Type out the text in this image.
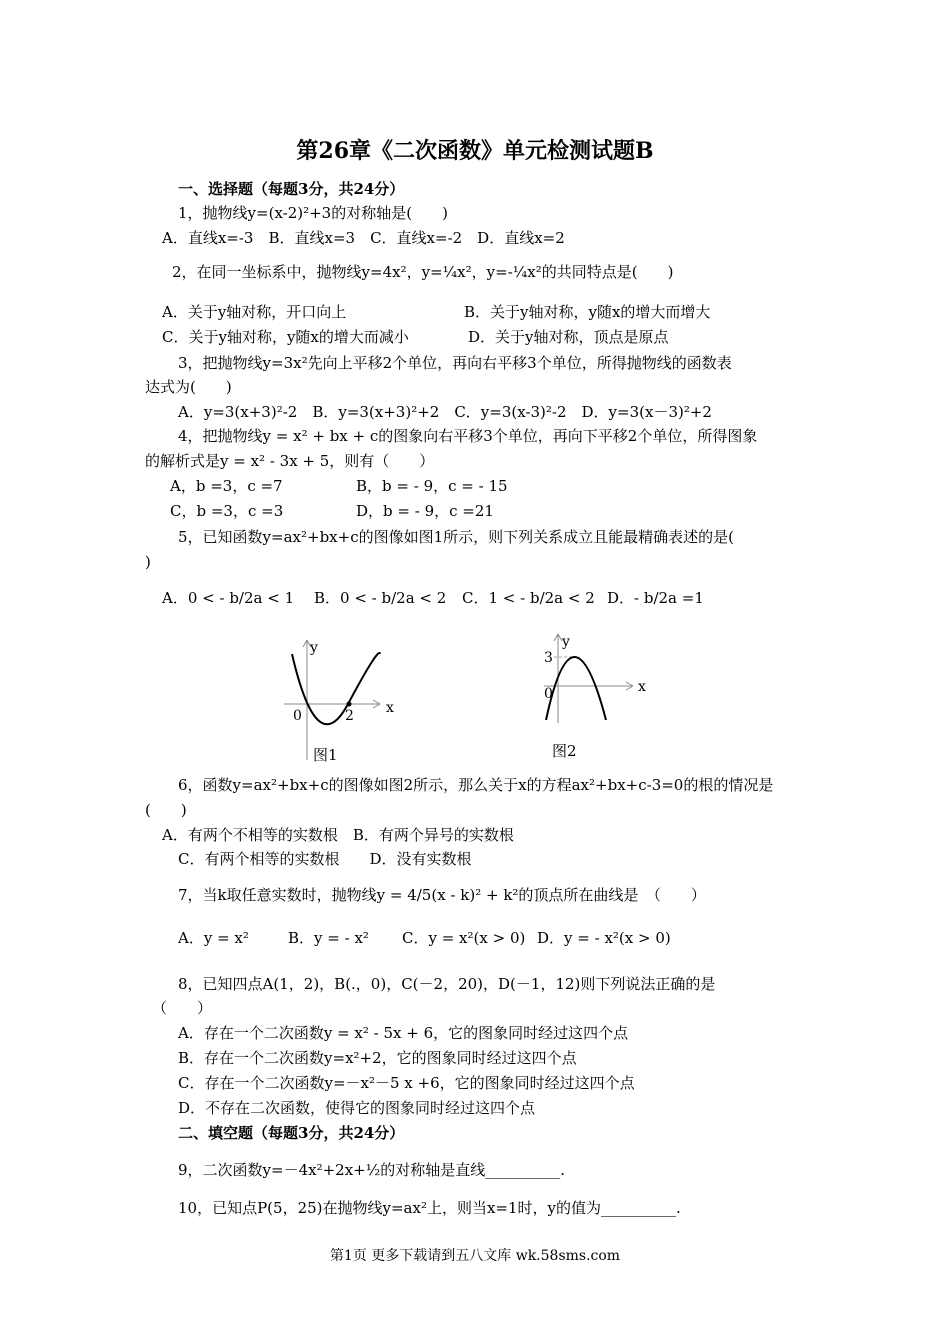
第26章《二次函数》单元检测试题B
一、选择题（每题3分，共24分）
1，抛物线y=(x-2)²+3的对称轴是(　　)
A．直线x=-3　B．直线x=3　C．直线x=-2　D．直线x=2
2，在同一坐标系中，抛物线y=4x²，y=¼x²，y=-¼x²的共同特点是(　　)
A．关于y轴对称，开口向上	B．关于y轴对称，y随x的增大而增大
C．关于y轴对称，y随x的增大而减小	D．关于y轴对称，顶点是原点
3，把抛物线y=3x²先向上平移2个单位，再向右平移3个单位，所得抛物线的函数表
达式为(　　)
A．y=3(x+3)²-2　B．y=3(x+3)²+2　C．y=3(x-3)²-2　D．y=3(x－3)²+2
4，把抛物线y = x² + bx + c的图象向右平移3个单位，再向下平移2个单位，所得图象
的解析式是y = x² - 3x + 5，则有（　　）
A，b =3，c =7	B，b = - 9，c = - 15
C，b =3，c =3	D，b = - 9，c =21
5，已知函数y=ax²+bx+c的图像如图1所示，则下列关系成立且能最精确表述的是(
)
A．0 < - b/2a < 1 B．0 < - b/2a < 2 C．1 < - b/2a < 2 D．- b/2a =1
y
x
0	2
图1
y
x
0
3
图2
6，函数y=ax²+bx+c的图像如图2所示，那么关于x的方程ax²+bx+c-3=0的根的情况是
(　　)
A．有两个不相等的实数根　B．有两个异号的实数根
C．有两个相等的实数根　　D．没有实数根
7，当k取任意实数时，抛物线y = 4/5(x - k)² + k²的顶点所在曲线是　（　　）
A．y = x²	B．y = - x² C．y = x²(x > 0) D．y = - x²(x > 0)
8，已知四点A(1，2)，B(.，0)，C(－2，20)，D(－1，12)则下列说法正确的是
（　　）
A．存在一个二次函数y = x² - 5x + 6，它的图象同时经过这四个点
B．存在一个二次函数y=x²+2，它的图象同时经过这四个点
C．存在一个二次函数y=－x²－5 x +6，它的图象同时经过这四个点
D．不存在二次函数，使得它的图象同时经过这四个点
二、填空题（每题3分，共24分）
9，二次函数y=－4x²+2x+½的对称轴是直线__________.
10，已知点P(5，25)在抛物线y=ax²上，则当x=1时，y的值为__________.
第1页 更多下载请到五八文库 wk.58sms.com
